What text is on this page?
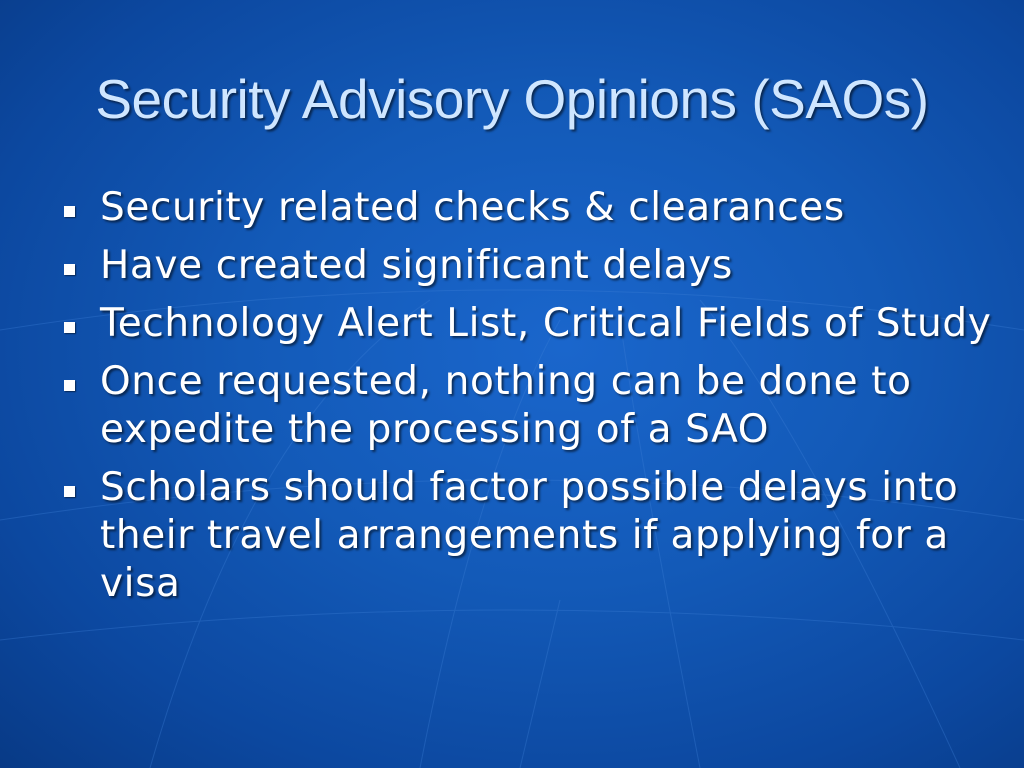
Security Advisory Opinions (SAOs)
Security related checks & clearances
Have created significant delays
Technology Alert List, Critical Fields of Study
Once requested, nothing can be done to expedite the processing of a SAO
Scholars should factor possible delays into their travel arrangements if applying for a visa
